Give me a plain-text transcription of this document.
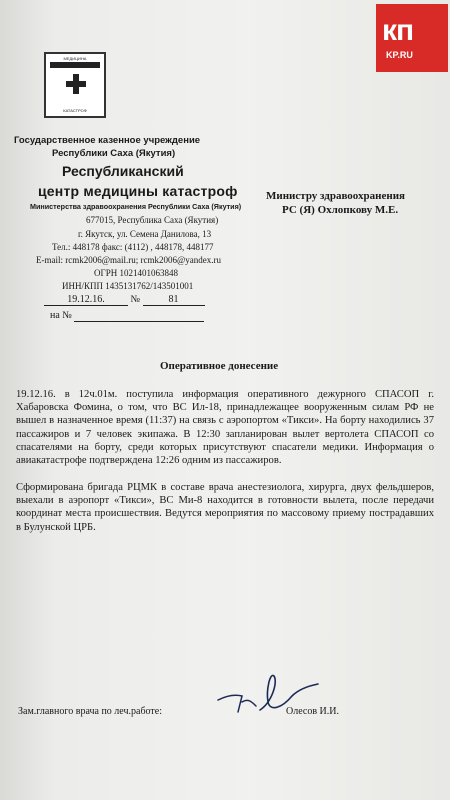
кп
KP.RU
МЕДИЦИНА
КАТАСТРОФ
Государственное казенное учреждение
Республики Саха (Якутия)
Республиканский
центр медицины катастроф
Министерства здравоохранения Республики Саха (Якутия)
677015, Республика Саха (Якутия)
г. Якутск, ул. Семена Данилова, 13
Тел.: 448178 факс: (4112) , 448178, 448177
E-mail: rcmk2006@mail.ru; rcmk2006@yandex.ru
ОГРН 1021401063848
ИНН/КПП 1435131762/143501001
19.12.16.	№	81
на №
Министру здравоохранения
РС (Я) Охлопкову М.Е.
Оперативное донесение
19.12.16. в 12ч.01м. поступила информация оперативного дежурного СПАСОП г. Хабаровска Фомина, о том, что ВС Ил-18, принадлежащее вооруженным силам РФ не вышел в назначенное время (11:37) на связь с аэропортом «Тикси». На борту находились 37 пассажиров и 7 человек экипажа. В 12:30 запланирован вылет вертолета СПАСОП со спасателями на борту, среди которых присутствуют спасатели медики. Информация о авиакатастрофе подтверждена 12:26 одним из пассажиров.
Сформирована бригада РЦМК в составе врача анестезиолога, хирурга, двух фельдшеров, выехали в аэропорт «Тикси», ВС Ми-8 находится в готовности вылета, после передачи координат места происшествия. Ведутся мероприятия по массовому приему пострадавших в Булунской ЦРБ.
Зам.главного врача по леч.работе:	Олесов И.И.
